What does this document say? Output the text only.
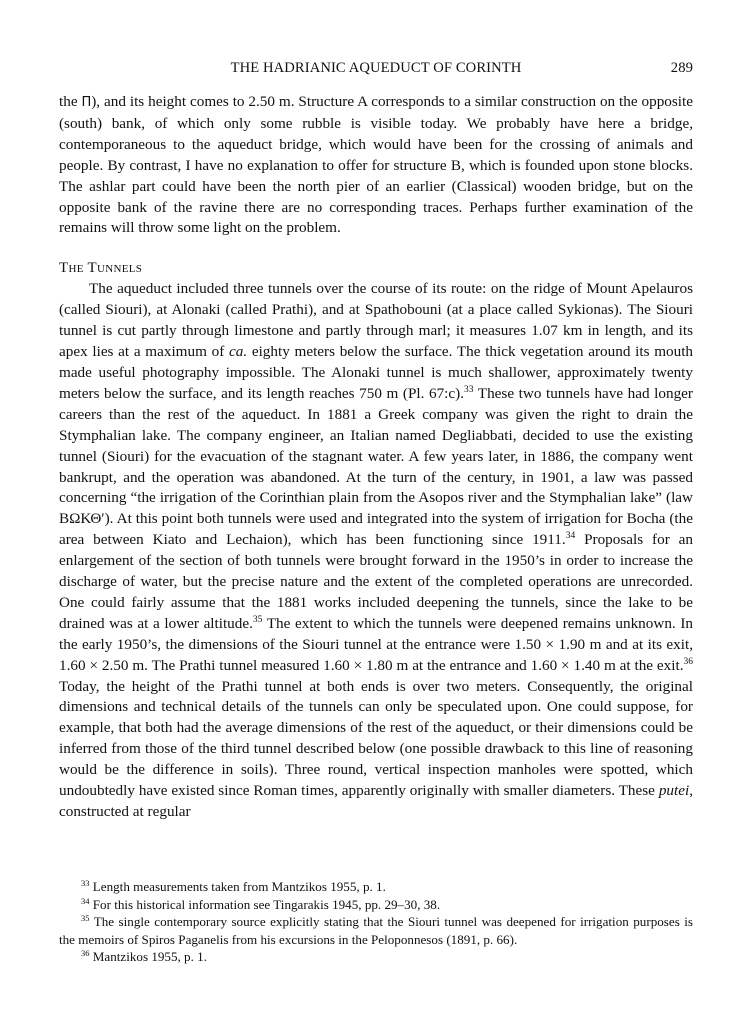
THE HADRIANIC AQUEDUCT OF CORINTH	289

the Π), and its height comes to 2.50 m. Structure A corresponds to a similar construction on the opposite (south) bank, of which only some rubble is visible today. We probably have here a bridge, contemporaneous to the aqueduct bridge, which would have been for the crossing of animals and people. By contrast, I have no explanation to offer for structure B, which is founded upon stone blocks. The ashlar part could have been the north pier of an earlier (Classical) wooden bridge, but on the opposite bank of the ravine there are no corresponding traces. Perhaps further examination of the remains will throw some light on the problem.

The Tunnels

The aqueduct included three tunnels over the course of its route: on the ridge of Mount Apelauros (called Siouri), at Alonaki (called Prathi), and at Spathobouni (at a place called Sykionas). The Siouri tunnel is cut partly through limestone and partly through marl; it measures 1.07 km in length, and its apex lies at a maximum of ca. eighty meters below the surface. The thick vegetation around its mouth made useful photography impossible. The Alonaki tunnel is much shallower, approximately twenty meters below the surface, and its length reaches 750 m (Pl. 67:c).$^{33}$ These two tunnels have had longer careers than the rest of the aqueduct. In 1881 a Greek company was given the right to drain the Stymphalian lake. The company engineer, an Italian named Degliabbati, decided to use the existing tunnel (Siouri) for the evacuation of the stagnant water. A few years later, in 1886, the company went bankrupt, and the operation was abandoned. At the turn of the century, in 1901, a law was passed concerning “the irrigation of the Corinthian plain from the Asopos river and the Stymphalian lake” (law ΒΩΚΘ′). At this point both tunnels were used and integrated into the system of irrigation for Bocha (the area between Kiato and Lechaion), which has been functioning since 1911.34 Proposals for an enlargement of the section of both tunnels were brought forward in the 1950’s in order to increase the discharge of water, but the precise nature and the extent of the completed operations are unrecorded. One could fairly assume that the 1881 works included deepening the tunnels, since the lake to be drained was at a lower altitude.$^{35}$ The extent to which the tunnels were deepened remains unknown. In the early 1950’s, the dimensions of the Siouri tunnel at the entrance were 1.50 × 1.90 m and at its exit, 1.60 × 2.50 m. The Prathi tunnel measured 1.60 × 1.80 m at the entrance and 1.60 × 1.40 m at the exit.$^{36}$ Today, the height of the Prathi tunnel at both ends is over two meters. Consequently, the original dimensions and technical details of the tunnels can only be speculated upon. One could suppose, for example, that both had the average dimensions of the rest of the aqueduct, or their dimensions could be inferred from those of the third tunnel described below (one possible drawback to this line of reasoning would be the difference in soils). Three round, vertical inspection manholes were spotted, which undoubtedly have existed since Roman times, apparently originally with smaller diameters. These putei, constructed at regular

$^{33}$ Length measurements taken from Mantzikos 1955, p. 1.

$^{34}$ For this historical information see Tingarakis 1945, pp. 29–30, 38.

$^{35}$ The single contemporary source explicitly stating that the Siouri tunnel was deepened for irrigation purposes is the memoirs of Spiros Paganelis from his excursions in the Peloponnesos (1891, p. 66).

$^{36}$ Mantzikos 1955, p. 1.
